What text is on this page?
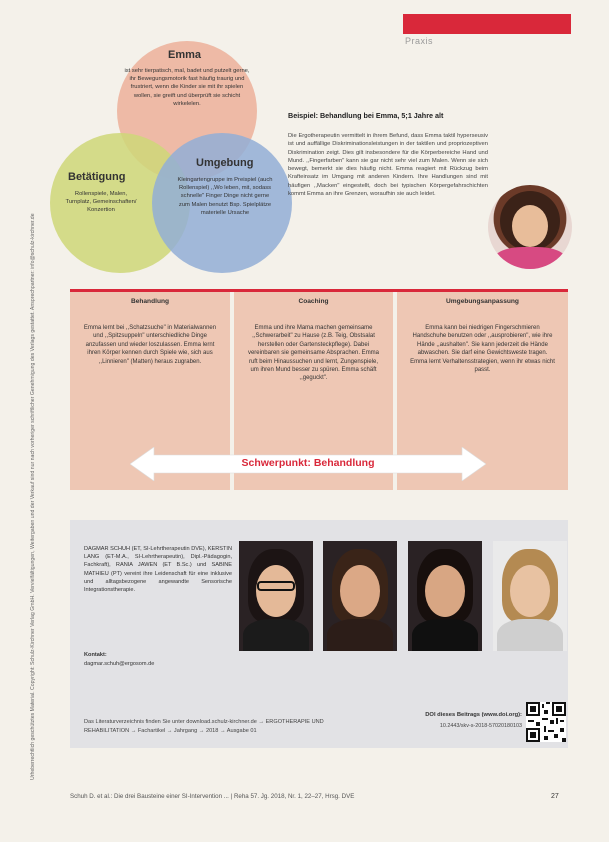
Urheberrechtlich geschütztes Material. Copyright: Schulz-Kirchner Verlag GmbH. Vervielfältigungen, Weitergaben und der Verkauf sind nur nach vorheriger schriftlicher Genehmigung des Verlags gestattet. Ansprechpartner: info@schulz-kirchner.de
Praxis
Emma
ist sehr tierpatisch, mal, badet und putzelt gerne, ihr Bewegungsmotorik fast häufig traurig und frustriert, wenn die Kinder sie mit ihr spielen wollen, sie greift und überprüft sie schicht wirkelelen.
Betätigung
Rollenspiele, Malen, Turnplatz, Gemeinschaften/ Konzertion
Umgebung
Kleingartengruppe im Preispiel (auch Rollenspiel) ,,Wo leben, mit, sodass schnelle" Finger Dinge nicht gerne zum Malen benutzt Bsp. Spielplätze materielle Ursache
Beispiel: Behandlung bei Emma, 5;1 Jahre alt
Die Ergotherapeutin vermittelt in ihrem Befund, dass Emma taktil hyperseusiv ist und auffällige Diskriminationsleistungen in der taktilen und propriozeptiven Diskrimination zeigt. Dies gilt insbesondere für die Körperbereiche Hand und Mund. ,,Fingerfarben" kann sie gar nicht sehr viel zum Malen. Wenn sie sich bewegt, bemerkt sie dies häufig nicht. Emma reagiert mit Rückzug beim Krafteinsatz im Umgang mit anderen Kindern. Ihre Handlungen sind mit häufigen ,,Macken" eingestellt, doch bei typischen Körpergefahrschichten kommt Emma an ihre Grenzen, woraufhin sie auch leidet.
Behandlung
Emma lernt bei ,,Schatzsuche" in Materialwannen und ,,Spitzsuppeln" unterschiedliche Dinge anzufassen und wieder loszulassen. Emma lernt ihren Körper kennen durch Spiele wie, sich aus ,,Linnieren" (Matten) heraus zugraben.
Coaching
Emma und ihre Mama machen gemeinsame ,,Schwerarbeit" zu Hause (z.B. Teig, Obstsalat herstellen oder Gartensteckpflege). Dabei vereinbaren sie gemeinsame Absprachen. Emma ruft beim Hinaussuchen und lernt, Zungenspiele, um ihren Mund besser zu spüren. Emma schäft ,,geguckt".
Umgebungsanpassung
Emma kann bei niedrigen Fingerschmieren Handschuhe benutzen oder ,,ausprobieren", wie ihre Hände ,,aushalten". Sie kann jederzeit die Hände abwaschen. Sie darf eine Gewichtsweste tragen. Emma lernt Verhaltensstrategien, wenn ihr etwas nicht passt.
Schwerpunkt: Behandlung
DAGMAR SCHUH (ET, SI-Lehrtherapeutin DVE), KERSTIN LANG (ET-M.A., SI-Lehrtherapeutin), Dipl.-Pädagogin, Fachkraft), RANIA JAWEN (ET B.Sc.) und SABINE MATHIEU (PT) vereint ihre Leidenschaft für eine inklusive und alltagsbezogene angewandte Sensorische Integrationstherapie.
Kontakt:
dagmar.schuh@ergosom.de
Das Literaturverzeichnis finden Sie unter download.schulz-kirchner.de → ERGOTHERAPIE UND REHABILITATION → Fachartikel → Jahrgang → 2018 → Ausgabe 01
DOI dieses Beitrags (www.doi.org):
10.2443/skv-s-2018-57020180103
Schuh D. et al.: Die drei Bausteine einer SI-Intervention ... | Reha 57. Jg. 2018, Nr. 1, 22–27, Hrsg. DVE	27
